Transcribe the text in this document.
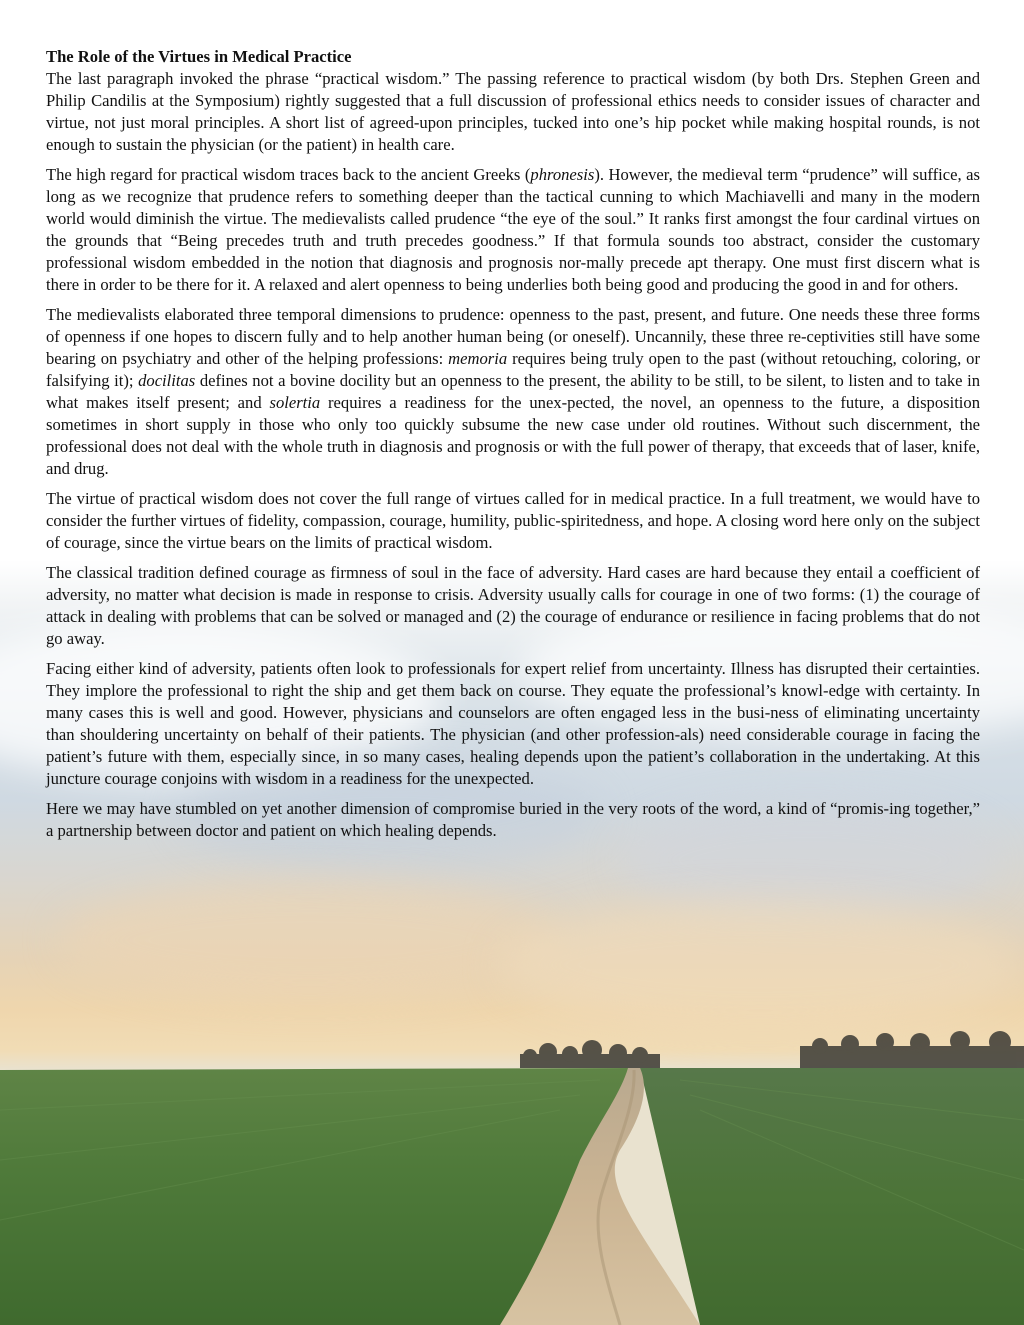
The Role of the Virtues in Medical Practice

The last paragraph invoked the phrase “practical wisdom.” The passing reference to practical wisdom (by both Drs. Stephen Green and Philip Candilis at the Symposium) rightly suggested that a full discussion of professional ethics needs to consider issues of character and virtue, not just moral principles. A short list of agreed-upon principles, tucked into one’s hip pocket while making hospital rounds, is not enough to sustain the physician (or the patient) in health care.

The high regard for practical wisdom traces back to the ancient Greeks (phronesis). However, the medieval term “prudence” will suffice, as long as we recognize that prudence refers to something deeper than the tactical cunning to which Machiavelli and many in the modern world would diminish the virtue. The medievalists called prudence “the eye of the soul.” It ranks first amongst the four cardinal virtues on the grounds that “Being precedes truth and truth precedes goodness.” If that formula sounds too abstract, consider the customary professional wisdom embedded in the notion that diagnosis and prognosis nor-mally precede apt therapy. One must first discern what is there in order to be there for it. A relaxed and alert openness to being underlies both being good and producing the good in and for others.

The medievalists elaborated three temporal dimensions to prudence: openness to the past, present, and future. One needs these three forms of openness if one hopes to discern fully and to help another human being (or oneself). Uncannily, these three re-ceptivities still have some bearing on psychiatry and other of the helping professions: memoria requires being truly open to the past (without retouching, coloring, or falsifying it); docilitas defines not a bovine docility but an openness to the present, the ability to be still, to be silent, to listen and to take in what makes itself present; and solertia requires a readiness for the unex-pected, the novel, an openness to the future, a disposition sometimes in short supply in those who only too quickly subsume the new case under old routines. Without such discernment, the professional does not deal with the whole truth in diagnosis and prognosis or with the full power of therapy, that exceeds that of laser, knife, and drug.

The virtue of practical wisdom does not cover the full range of virtues called for in medical practice. In a full treatment, we would have to consider the further virtues of fidelity, compassion, courage, humility, public-spiritedness, and hope. A closing word here only on the subject of courage, since the virtue bears on the limits of practical wisdom.

The classical tradition defined courage as firmness of soul in the face of adversity. Hard cases are hard because they entail a coefficient of adversity, no matter what decision is made in response to crisis. Adversity usually calls for courage in one of two forms: (1) the courage of attack in dealing with problems that can be solved or managed and (2) the courage of endurance or resilience in facing problems that do not go away.

Facing either kind of adversity, patients often look to professionals for expert relief from uncertainty. Illness has disrupted their certainties. They implore the professional to right the ship and get them back on course. They equate the professional’s knowl-edge with certainty. In many cases this is well and good. However, physicians and counselors are often engaged less in the busi-ness of eliminating uncertainty than shouldering uncertainty on behalf of their patients. The physician (and other profession-als) need considerable courage in facing the patient’s future with them, especially since, in so many cases, healing depends upon the patient’s collaboration in the undertaking. At this juncture courage conjoins with wisdom in a readiness for the unexpected.

Here we may have stumbled on yet another dimension of compromise buried in the very roots of the word, a kind of “promis-ing together,” a partnership between doctor and patient on which healing depends.
